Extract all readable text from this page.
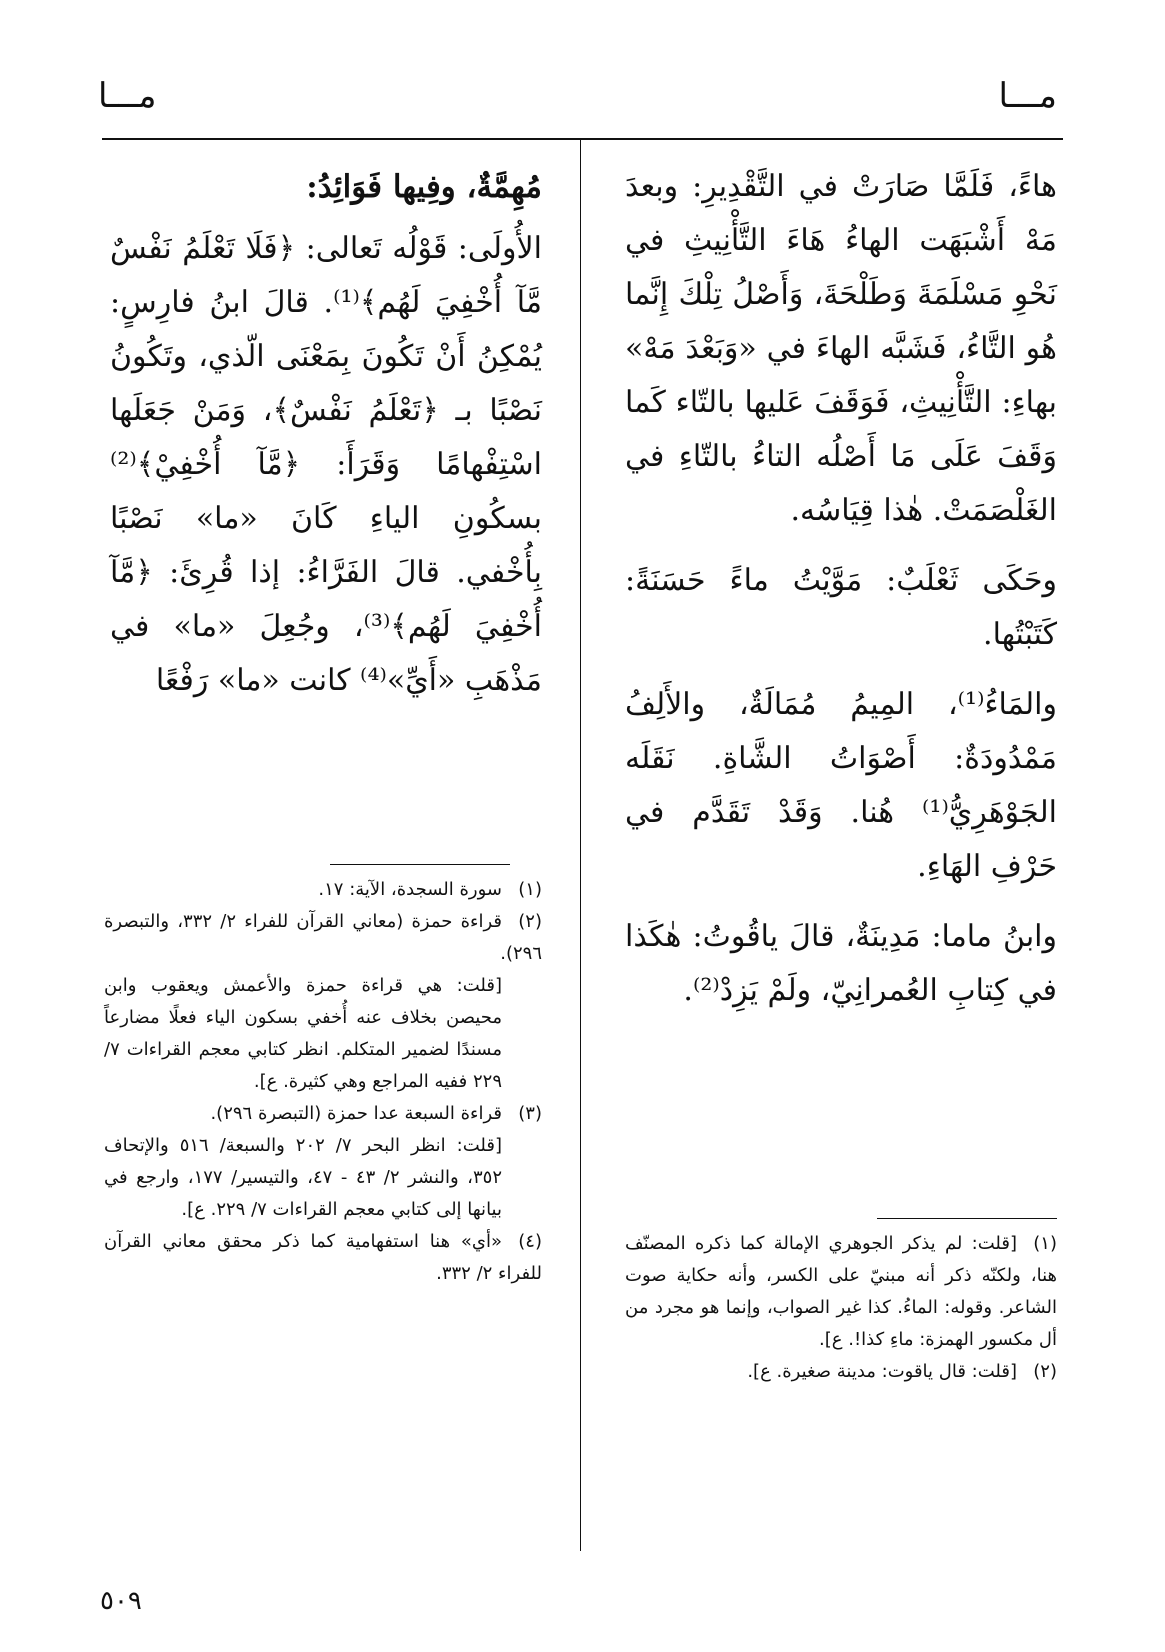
مـــا
مـــا

هاءً، فَلَمَّا صَارَتْ في التَّقْدِيرِ: وبعدَ مَهْ أَشْبَهَت الهاءُ هَاءَ التَّأْنِيثِ في نَحْوِ مَسْلَمَةَ وَطَلْحَةَ، وَأَصْلُ تِلْكَ إِنَّما هُو التَّاءُ، فَشَبَّه الهاءَ في «وَبَعْدَ مَهْ» بهاءِ: التَّأْنِيثِ، فَوَقَفَ عَليها بالتّاء كَما وَقَفَ عَلَى مَا أَصْلُه التاءُ بالتّاءِ في الغَلْصَمَتْ. هٰذا قِيَاسُه.

وحَكَى ثَعْلَبٌ: مَوَّيْتُ ماءً حَسَنَةً: كَتَبْتُها.

والمَاءُ⁽¹⁾، المِيمُ مُمَالَةٌ، والأَلِفُ مَمْدُودَةٌ: أَصْوَاتُ الشَّاةِ. نَقَلَه الجَوْهَرِيُّ⁽¹⁾ هُنا. وَقَدْ تَقَدَّم في حَرْفِ الهَاءِ.

وابنُ ماما: مَدِينَةٌ، قالَ ياقُوتُ: هٰكَذا في كِتابِ العُمرانِيّ، ولَمْ يَزِدْ⁽²⁾.

(١)[قلت: لم يذكر الجوهري الإمالة كما ذكره المصنّف هنا، ولكنّه ذكر أنه مبنيّ على الكسر، وأنه حكاية صوت الشاعر. وقوله: الماءُ. كذا غير الصواب، وإنما هو مجرد من أل مكسور الهمزة: ماءِ كذا!. ع].

(٢)[قلت: قال ياقوت: مدينة صغيرة. ع].

مُهِمَّةٌ، وفِيها فَوَائِدُ:

الأُولَى: قَوْلُه تَعالى: ﴿فَلَا تَعْلَمُ نَفْسٌ مَّآ أُخْفِيَ لَهُم﴾⁽¹⁾. قالَ ابنُ فارِسٍ: يُمْكِنُ أَنْ تَكُونَ بِمَعْنَى الّذي، وتَكُونُ نَصْبًا بـ ﴿تَعْلَمُ نَفْسٌ﴾، وَمَنْ جَعَلَها اسْتِفْهامًا وَقَرَأَ: ﴿مَّآ أُخْفِيْ﴾⁽²⁾ بسكُونِ الياءِ كَانَ «ما» نَصْبًا بِأُخْفي. قالَ الفَرَّاءُ: إذا قُرِئَ: ﴿مَّآ أُخْفِيَ لَهُم﴾⁽³⁾، وجُعِلَ «ما» في مَذْهَبِ «أَيِّ»⁽⁴⁾ كانت «ما» رَفْعًا

(١)سورة السجدة، الآية: ١٧.

(٢)قراءة حمزة (معاني القرآن للفراء ٢/ ٣٣٢، والتبصرة ٢٩٦).

[قلت: هي قراءة حمزة والأعمش ويعقوب وابن محيصن بخلاف عنه أُخفي بسكون الياء فعلًا مضارعاً مسندًا لضمير المتكلم. انظر كتابي معجم القراءات ٧/ ٢٢٩ ففيه المراجع وهي كثيرة. ع].

(٣)قراءة السبعة عدا حمزة (التبصرة ٢٩٦).

[قلت: انظر البحر ٧/ ٢٠٢ والسبعة/ ٥١٦ والإتحاف ٣٥٢، والنشر ٢/ ٤٣ - ٤٧، والتيسير/ ١٧٧، وارجع في بيانها إلى كتابي معجم القراءات ٧/ ٢٢٩. ع].

(٤)«أي» هنا استفهامية كما ذكر محقق معاني القرآن للفراء ٢/ ٣٣٢.

٥٠٩
